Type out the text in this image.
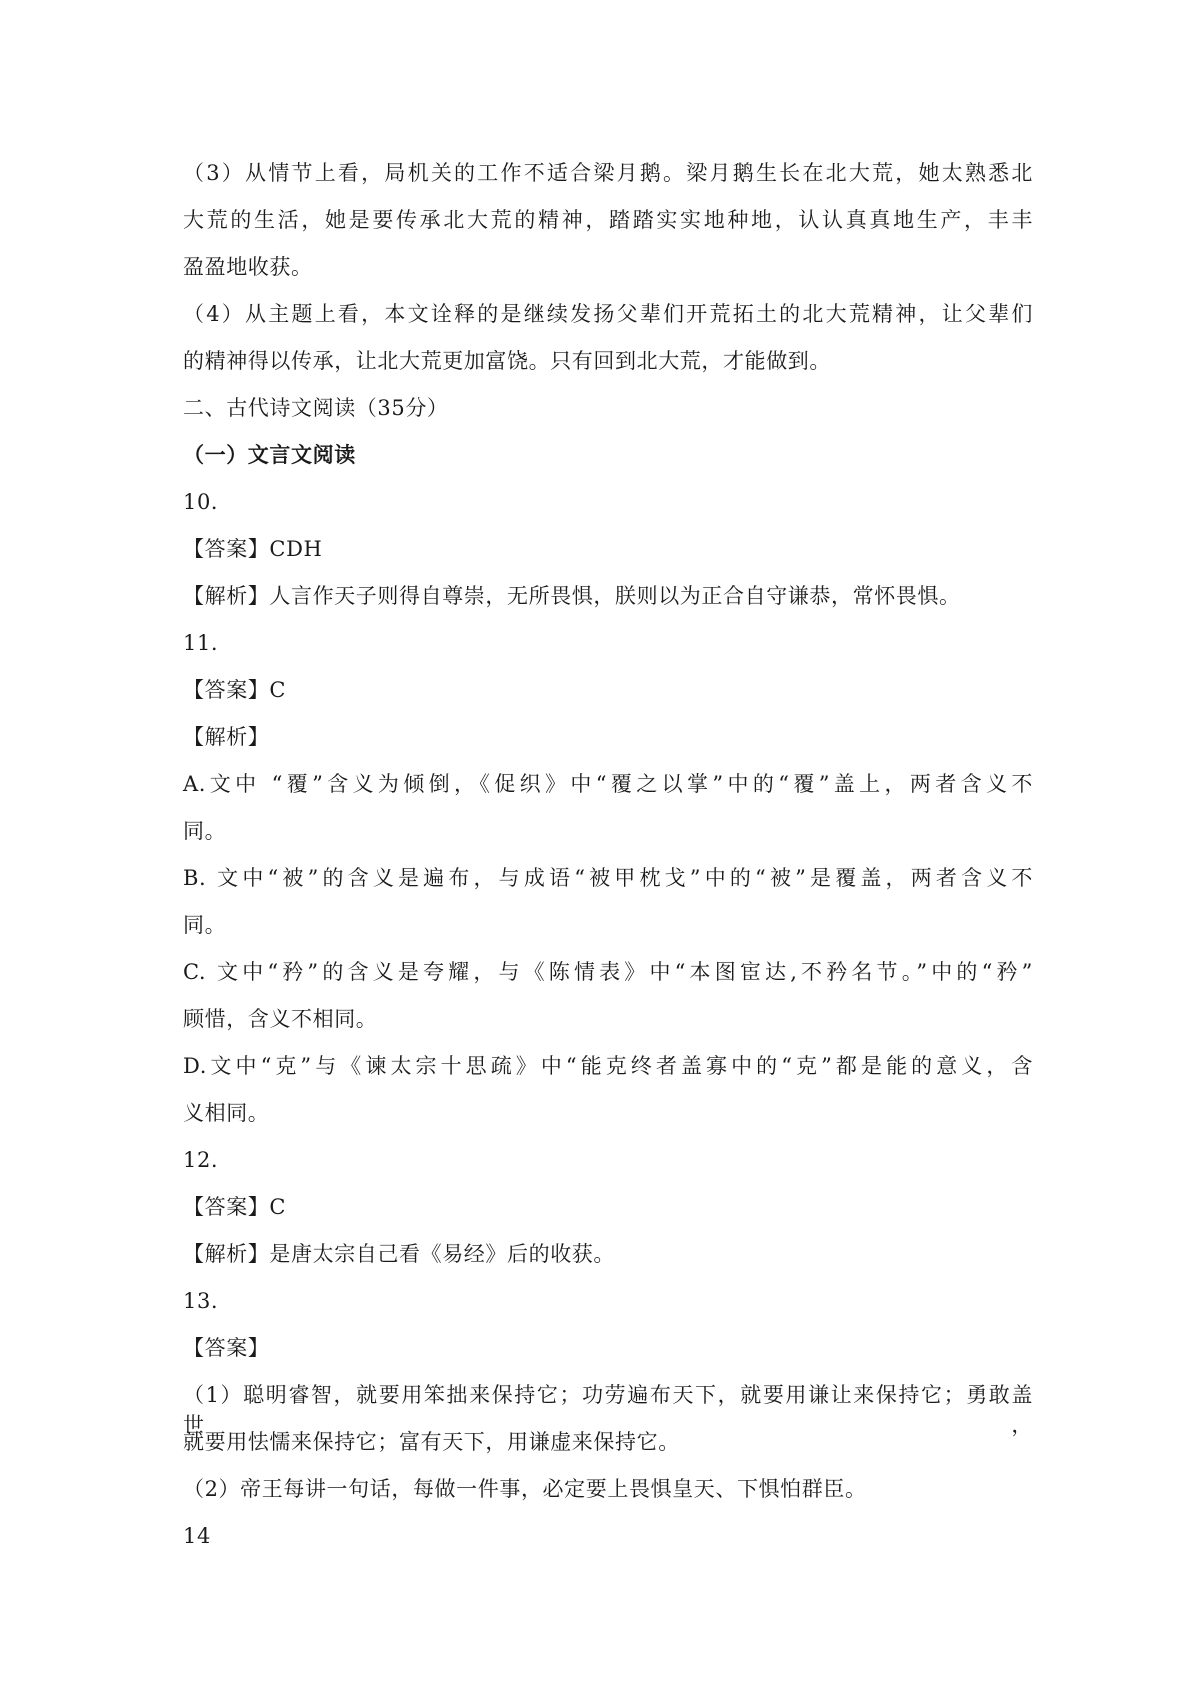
（3）从情节上看，局机关的工作不适合梁月鹅。梁月鹅生长在北大荒，她太熟悉北
大荒的生活，她是要传承北大荒的精神，踏踏实实地种地，认认真真地生产，丰丰
盈盈地收获。
（4）从主题上看，本文诠释的是继续发扬父辈们开荒拓土的北大荒精神，让父辈们
的精神得以传承，让北大荒更加富饶。只有回到北大荒，才能做到。
二、古代诗文阅读（35分）
（一）文言文阅读
10．
【答案】CDH
【解析】人言作天子则得自尊崇，无所畏惧，朕则以为正合自守谦恭，常怀畏惧。
11.
【答案】C
【解析】
A.文中 “覆”含义为倾倒，《促织》中“覆之以掌”中的“覆”盖上，两者含义不
同。
B. 文中“被”的含义是遍布，与成语“被甲枕戈”中的“被”是覆盖，两者含义不
同。
C. 文中“矜”的含义是夸耀，与《陈情表》中“本图宦达,不矜名节。”中的“矜”
顾惜，含义不相同。
D.文中“克”与《谏太宗十思疏》中“能克终者盖寡中的“克”都是能的意义，含
义相同。
12.
【答案】C
【解析】是唐太宗自己看《易经》后的收获。
13.
【答案】
（1）聪明睿智，就要用笨拙来保持它；功劳遍布天下，就要用谦让来保持它；勇敢盖世，
就要用怯懦来保持它；富有天下，用谦虚来保持它。
（2）帝王每讲一句话，每做一件事，必定要上畏惧皇天、下惧怕群臣。
14
